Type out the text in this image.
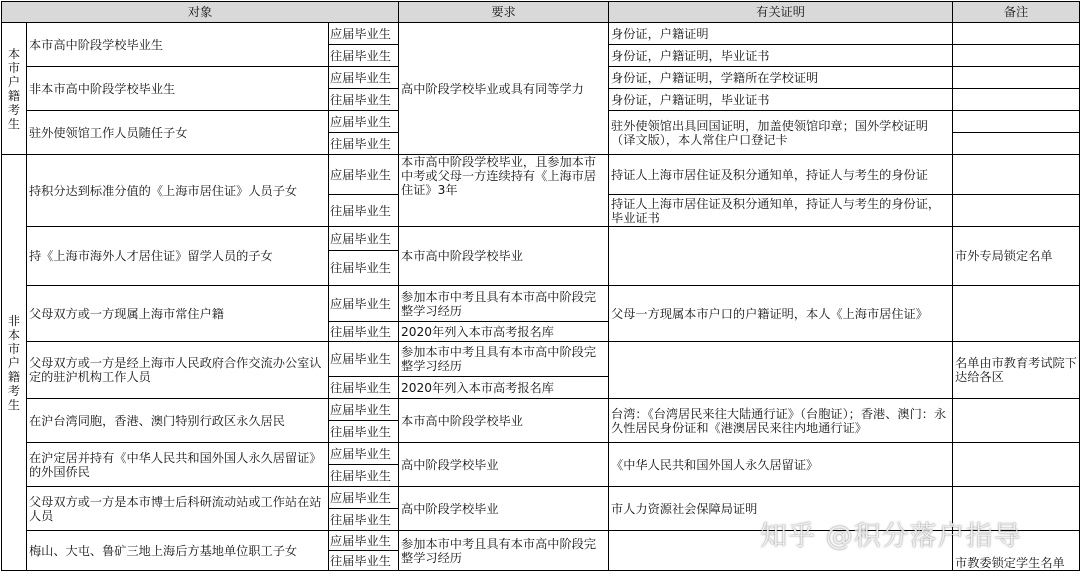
对象			要求	有关证明	备注

本市户籍考生	本市高中阶段学校毕业生	应届毕业生	高中阶段学校毕业或具有同等学力	身份证，户籍证明	
		往届毕业生		身份证，户籍证明，毕业证书	
	非本市高中阶段学校毕业生	应届毕业生		身份证，户籍证明，学籍所在学校证明	
		往届毕业生		身份证，户籍证明，毕业证书	
	驻外使领馆工作人员随任子女	应届毕业生		驻外使领馆出具回国证明，加盖使领馆印章；国外学校证明（译文版），本人常住户口登记卡	
		往届毕业生			

非本市户籍考生	持积分达到标准分值的《上海市居住证》人员子女	应届毕业生	本市高中阶段学校毕业，且参加本市中考或父母一方连续持有《上海市居住证》3年	持证人上海市居住证及积分通知单，持证人与考生的身份证	
		往届毕业生		持证人上海市居住证及积分通知单，持证人与考生的身份证，毕业证书	
	持《上海市海外人才居住证》留学人员的子女	应届毕业生	本市高中阶段学校毕业		市外专局锁定名单
		往届毕业生			
	父母双方或一方现属上海市常住户籍	应届毕业生	参加本市中考且具有本市高中阶段完整学习经历	父母一方现属本市户口的户籍证明，本人《上海市居住证》	
		往届毕业生	2020年列入本市高考报名库		
	父母双方或一方是经上海市人民政府合作交流办公室认定的驻沪机构工作人员	应届毕业生	参加本市中考且具有本市高中阶段完整学习经历		名单由市教育考试院下达给各区
		往届毕业生	2020年列入本市高考报名库		
	在沪台湾同胞，香港、澳门特别行政区永久居民	应届毕业生	本市高中阶段学校毕业	台湾：《台湾居民来往大陆通行证》（台胞证）；香港、澳门：永久性居民身份证和《港澳居民来往内地通行证》	
		往届毕业生			
	在沪定居并持有《中华人民共和国外国人永久居留证》的外国侨民	应届毕业生	高中阶段学校毕业	《中华人民共和国外国人永久居留证》	
		往届毕业生			
	父母双方或一方是本市博士后科研流动站或工作站在站人员	应届毕业生	高中阶段学校毕业	市人力资源社会保障局证明	
		往届毕业生			
	梅山、大屯、鲁矿三地上海后方基地单位职工子女	应届毕业生	参加本市中考且具有本市高中阶段完整学习经历		市教委锁定学生名单
		往届毕业生			
知乎 @积分落户指导
